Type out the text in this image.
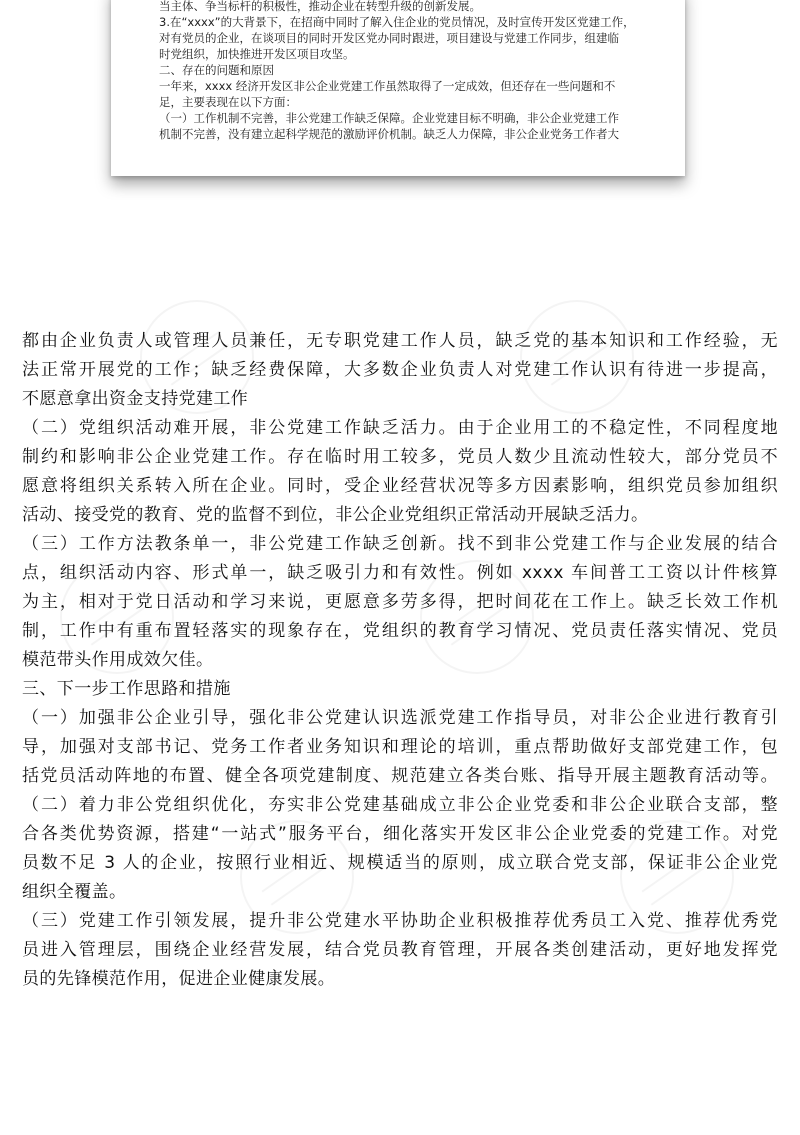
当主体、争当标杆的积极性，推动企业在转型升级的创新发展。

3.在“xxxx”的大背景下，在招商中同时了解入住企业的党员情况，及时宣传开发区党建工作，

对有党员的企业，在谈项目的同时开发区党办同时跟进，项目建设与党建工作同步，组建临

时党组织，加快推进开发区项目攻坚。

二、存在的问题和原因

一年来，xxxx 经济开发区非公企业党建工作虽然取得了一定成效，但还存在一些问题和不

足，主要表现在以下方面：

（一）工作机制不完善，非公党建工作缺乏保障。企业党建目标不明确，非公企业党建工作

机制不完善，没有建立起科学规范的激励评价机制。缺乏人力保障，非公企业党务工作者大

都由企业负责人或管理人员兼任，无专职党建工作人员，缺乏党的基本知识和工作经验，无
法正常开展党的工作；缺乏经费保障，大多数企业负责人对党建工作认识有待进一步提高，
不愿意拿出资金支持党建工作
（二）党组织活动难开展，非公党建工作缺乏活力。由于企业用工的不稳定性，不同程度地
制约和影响非公企业党建工作。存在临时用工较多，党员人数少且流动性较大，部分党员不
愿意将组织关系转入所在企业。同时，受企业经营状况等多方因素影响，组织党员参加组织
活动、接受党的教育、党的监督不到位，非公企业党组织正常活动开展缺乏活力。
（三）工作方法教条单一，非公党建工作缺乏创新。找不到非公党建工作与企业发展的结合
点，组织活动内容、形式单一，缺乏吸引力和有效性。例如 xxxx 车间普工工资以计件核算
为主，相对于党日活动和学习来说，更愿意多劳多得，把时间花在工作上。缺乏长效工作机
制，工作中有重布置轻落实的现象存在，党组织的教育学习情况、党员责任落实情况、党员
模范带头作用成效欠佳。
三、下一步工作思路和措施
（一）加强非公企业引导，强化非公党建认识选派党建工作指导员，对非公企业进行教育引
导，加强对支部书记、党务工作者业务知识和理论的培训，重点帮助做好支部党建工作，包
括党员活动阵地的布置、健全各项党建制度、规范建立各类台账、指导开展主题教育活动等。
（二）着力非公党组织优化，夯实非公党建基础成立非公企业党委和非公企业联合支部，整
合各类优势资源，搭建“一站式”服务平台，细化落实开发区非公企业党委的党建工作。对党
员数不足 3 人的企业，按照行业相近、规模适当的原则，成立联合党支部，保证非公企业党
组织全覆盖。
（三）党建工作引领发展，提升非公党建水平协助企业积极推荐优秀员工入党、推荐优秀党
员进入管理层，围绕企业经营发展，结合党员教育管理，开展各类创建活动，更好地发挥党
员的先锋模范作用，促进企业健康发展。
